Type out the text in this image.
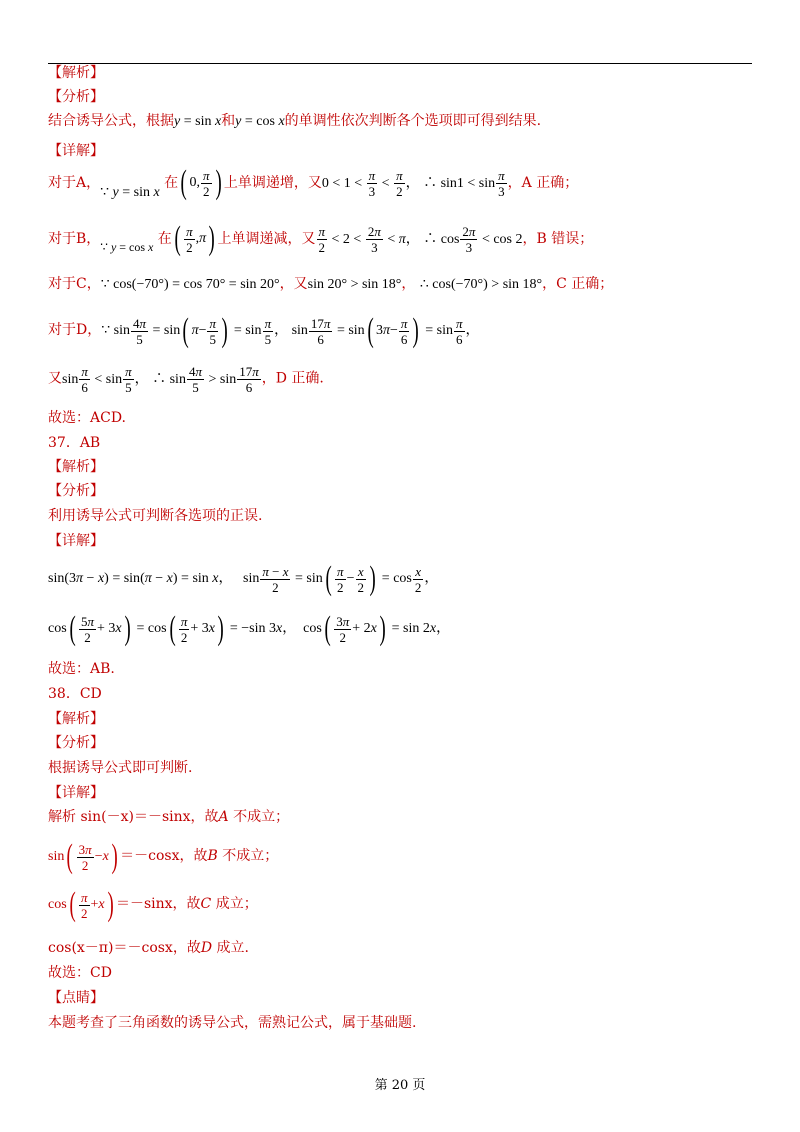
【解析】
【分析】
结合诱导公式，根据y = sin x和y = cos x的单调性依次判断各个选项即可得到结果.
【详解】
对于A，∵ y = sin x 在 ( 0, π
2 ) 上单调递增，又$0 < 1 < \frac{\pi}{3} < \frac{\pi}{2}$ ， ∴ $\sin 1 < \sin \frac{\pi}{3}$ ，A 正确；
对于B，∵ y = cos x 在 ( π
2
, π ) 上单调递减，又 $\frac{\pi}{2} < 2 < \frac{2\pi}{3} < \pi$， ∴ $\cos \frac{2\pi}{3} < \cos 2$，B 错误；
对于C，∵ cos(−70°) = cos 70° = sin 20°，又sin 20° > sin 18°， ∴ cos(−70°) > sin 18°，C 正确；
对于D，∵ $\sin \frac{4\pi}{5} = \sin$ ( π − π
5 ) = $\sin \frac{\pi}{5}$ ， $\sin \frac{17\pi}{6} = \sin$ ( 3 π − π
6 ) = $\sin \frac{\pi}{6}$ ，
又$\sin \frac{\pi}{6} < \sin \frac{\pi}{5}$ ， ∴ $\sin \frac{4\pi}{5} > \sin \frac{17\pi}{6}$ ，D 正确.
故选：ACD.
37．AB
【解析】
【分析】
利用诱导公式可判断各选项的正误.
【详解】
sin(3π − x) = sin(π − x) = sin x，   $\sin \frac{\pi - x}{2} = \sin$ ( π
2
− x
2 ) = $\cos \frac{x}{2}$ ，
cos ( 5π
2
+ 3 x ) = cos ( π
2
+ 3 x ) = −sin 3x，  cos ( 3π
2
+ 2 x ) = sin 2x，
故选：AB.
38．CD
【解析】
【分析】
根据诱导公式即可判断.
【详解】
解析 sin(－x)＝－sinx，故A 不成立；
sin ( 3π
2
− x ) ＝－cosx，故B 不成立；
cos ( π
2
+ x ) ＝－sinx，故C 成立；
cos(x－π)＝－cosx，故D 成立.
故选：CD
【点睛】
本题考查了三角函数的诱导公式，需熟记公式，属于基础题.
第 20 页
